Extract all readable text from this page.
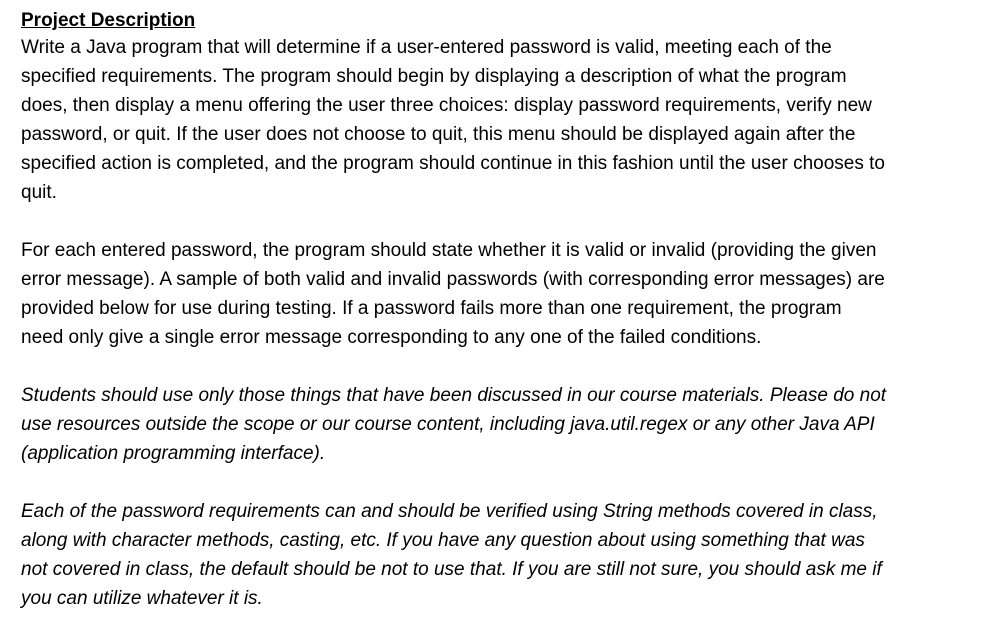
Project Description
Write a Java program that will determine if a user-entered password is valid, meeting each of the
specified requirements. The program should begin by displaying a description of what the program
does, then display a menu offering the user three choices: display password requirements, verify new
password, or quit. If the user does not choose to quit, this menu should be displayed again after the
specified action is completed, and the program should continue in this fashion until the user chooses to
quit.
For each entered password, the program should state whether it is valid or invalid (providing the given
error message). A sample of both valid and invalid passwords (with corresponding error messages) are
provided below for use during testing. If a password fails more than one requirement, the program
need only give a single error message corresponding to any one of the failed conditions.
Students should use only those things that have been discussed in our course materials. Please do not
use resources outside the scope or our course content, including java.util.regex or any other Java API
(application programming interface).
Each of the password requirements can and should be verified using String methods covered in class,
along with character methods, casting, etc. If you have any question about using something that was
not covered in class, the default should be not to use that. If you are still not sure, you should ask me if
you can utilize whatever it is.
